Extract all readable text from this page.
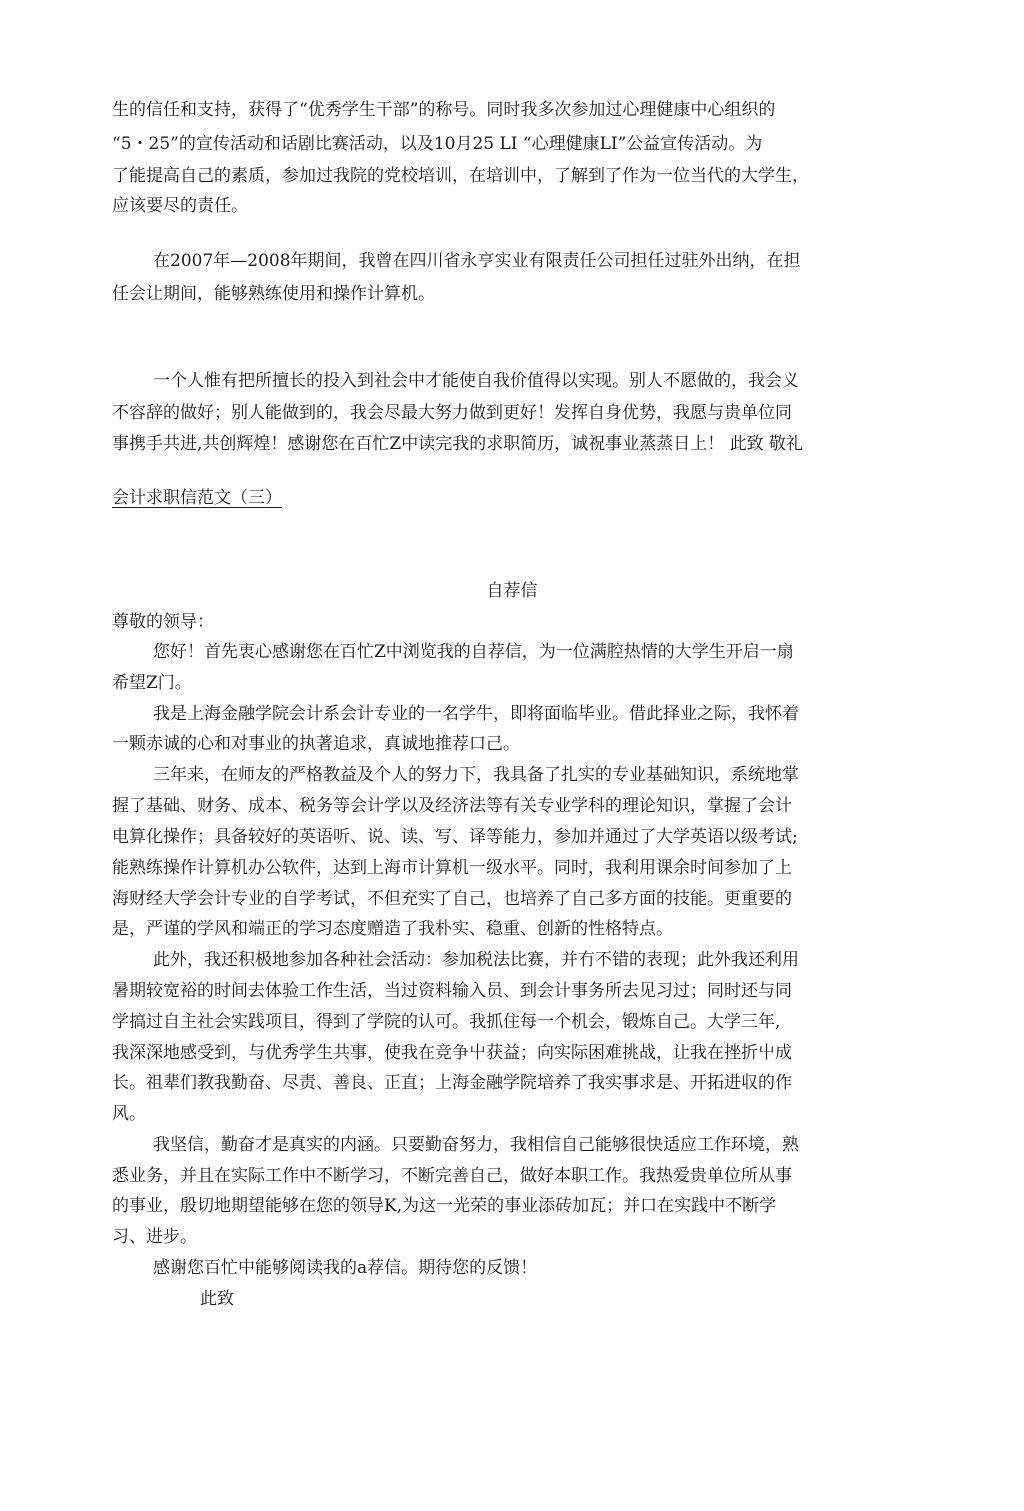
生的信任和支持，获得了“优秀学生干部”的称号。同时我多次参加过心理健康中心组织的
“5・25”的宣传活动和话剧比赛活动，以及10月25 LI “心理健康LI”公益宣传活动。为
了能提高自己的素质，参加过我院的党校培训，在培训中，了解到了作为一位当代的大学生，
应该要尽的责任。
在2007年—2008年期间，我曾在四川省永亨实业有限责任公司担任过驻外出纳，在担
任会让期间，能够熟练使用和操作计算机。
一个人惟有把所擅长的投入到社会中才能使自我价值得以实现。别人不愿做的，我会义
不容辞的做好；别人能做到的，我会尽最大努力做到更好！发挥自身优势，我愿与贵单位同
事携手共进,共创辉煌！感谢您在百忙Z中读完我的求职简历，诚祝事业蒸蒸日上！ 此致 敬礼
会计求职信范文（三）
自荐信
尊敬的领导：
您好！首先衷心感谢您在百忙Z中浏览我的自荐信，为一位满腔热情的大学生开启一扇
希望Z门。
我是上海金融学院会计系会计专业的一名学牛，即将面临毕业。借此择业之际，我怀着
一颗赤诚的心和对事业的执著追求，真诚地推荐口己。
三年来，在师友的严格教益及个人的努力下，我具备了扎实的专业基础知识，系统地掌
握了基础、财务、成本、税务等会计学以及经济法等有关专业学科的理论知识，掌握了会计
电算化操作；具备较好的英语听、说、读、写、译等能力，参加并通过了大学英语以级考试;
能熟练操作计算机办公软件，达到上海市计算机一级水平。同时，我利用课余时间参加了上
海财经大学会计专业的自学考试，不但充实了自己，也培养了自己多方面的技能。更重要的
是，严谨的学风和端正的学习态度赠造了我朴实、稳重、创新的性格特点。
此外，我还积极地参加各种社会活动：参加税法比赛，并冇不错的表现；此外我还利用
暑期较宽裕的时间去体验工作生活，当过资料输入员、到会计事务所去见习过；同时还与同
学搞过自主社会实践项目，得到了学院的认可。我抓住每一个机会，锻炼自己。大学三年,
我深深地感受到，与优秀学生共事，使我在竞争屮获益；向实际困难挑战，让我在挫折屮成
长。祖辈们教我勤奋、尽责、善良、正直；上海金融学院培养了我实事求是、开拓进収的作
风。
我坚信，勤奋才是真实的内涵。只要勤奋努力，我相信自己能够很快适应工作环境，熟
悉业务，并且在实际工作中不断学习，不断完善自己，做好本职工作。我热爱贵单位所从事
的事业，殷切地期望能够在您的领导K,为这一光荣的事业添砖加瓦；并口在实践中不断学
习、进步。
感谢您百忙中能够阅读我的a荐信。期待您的反馈！
此致
